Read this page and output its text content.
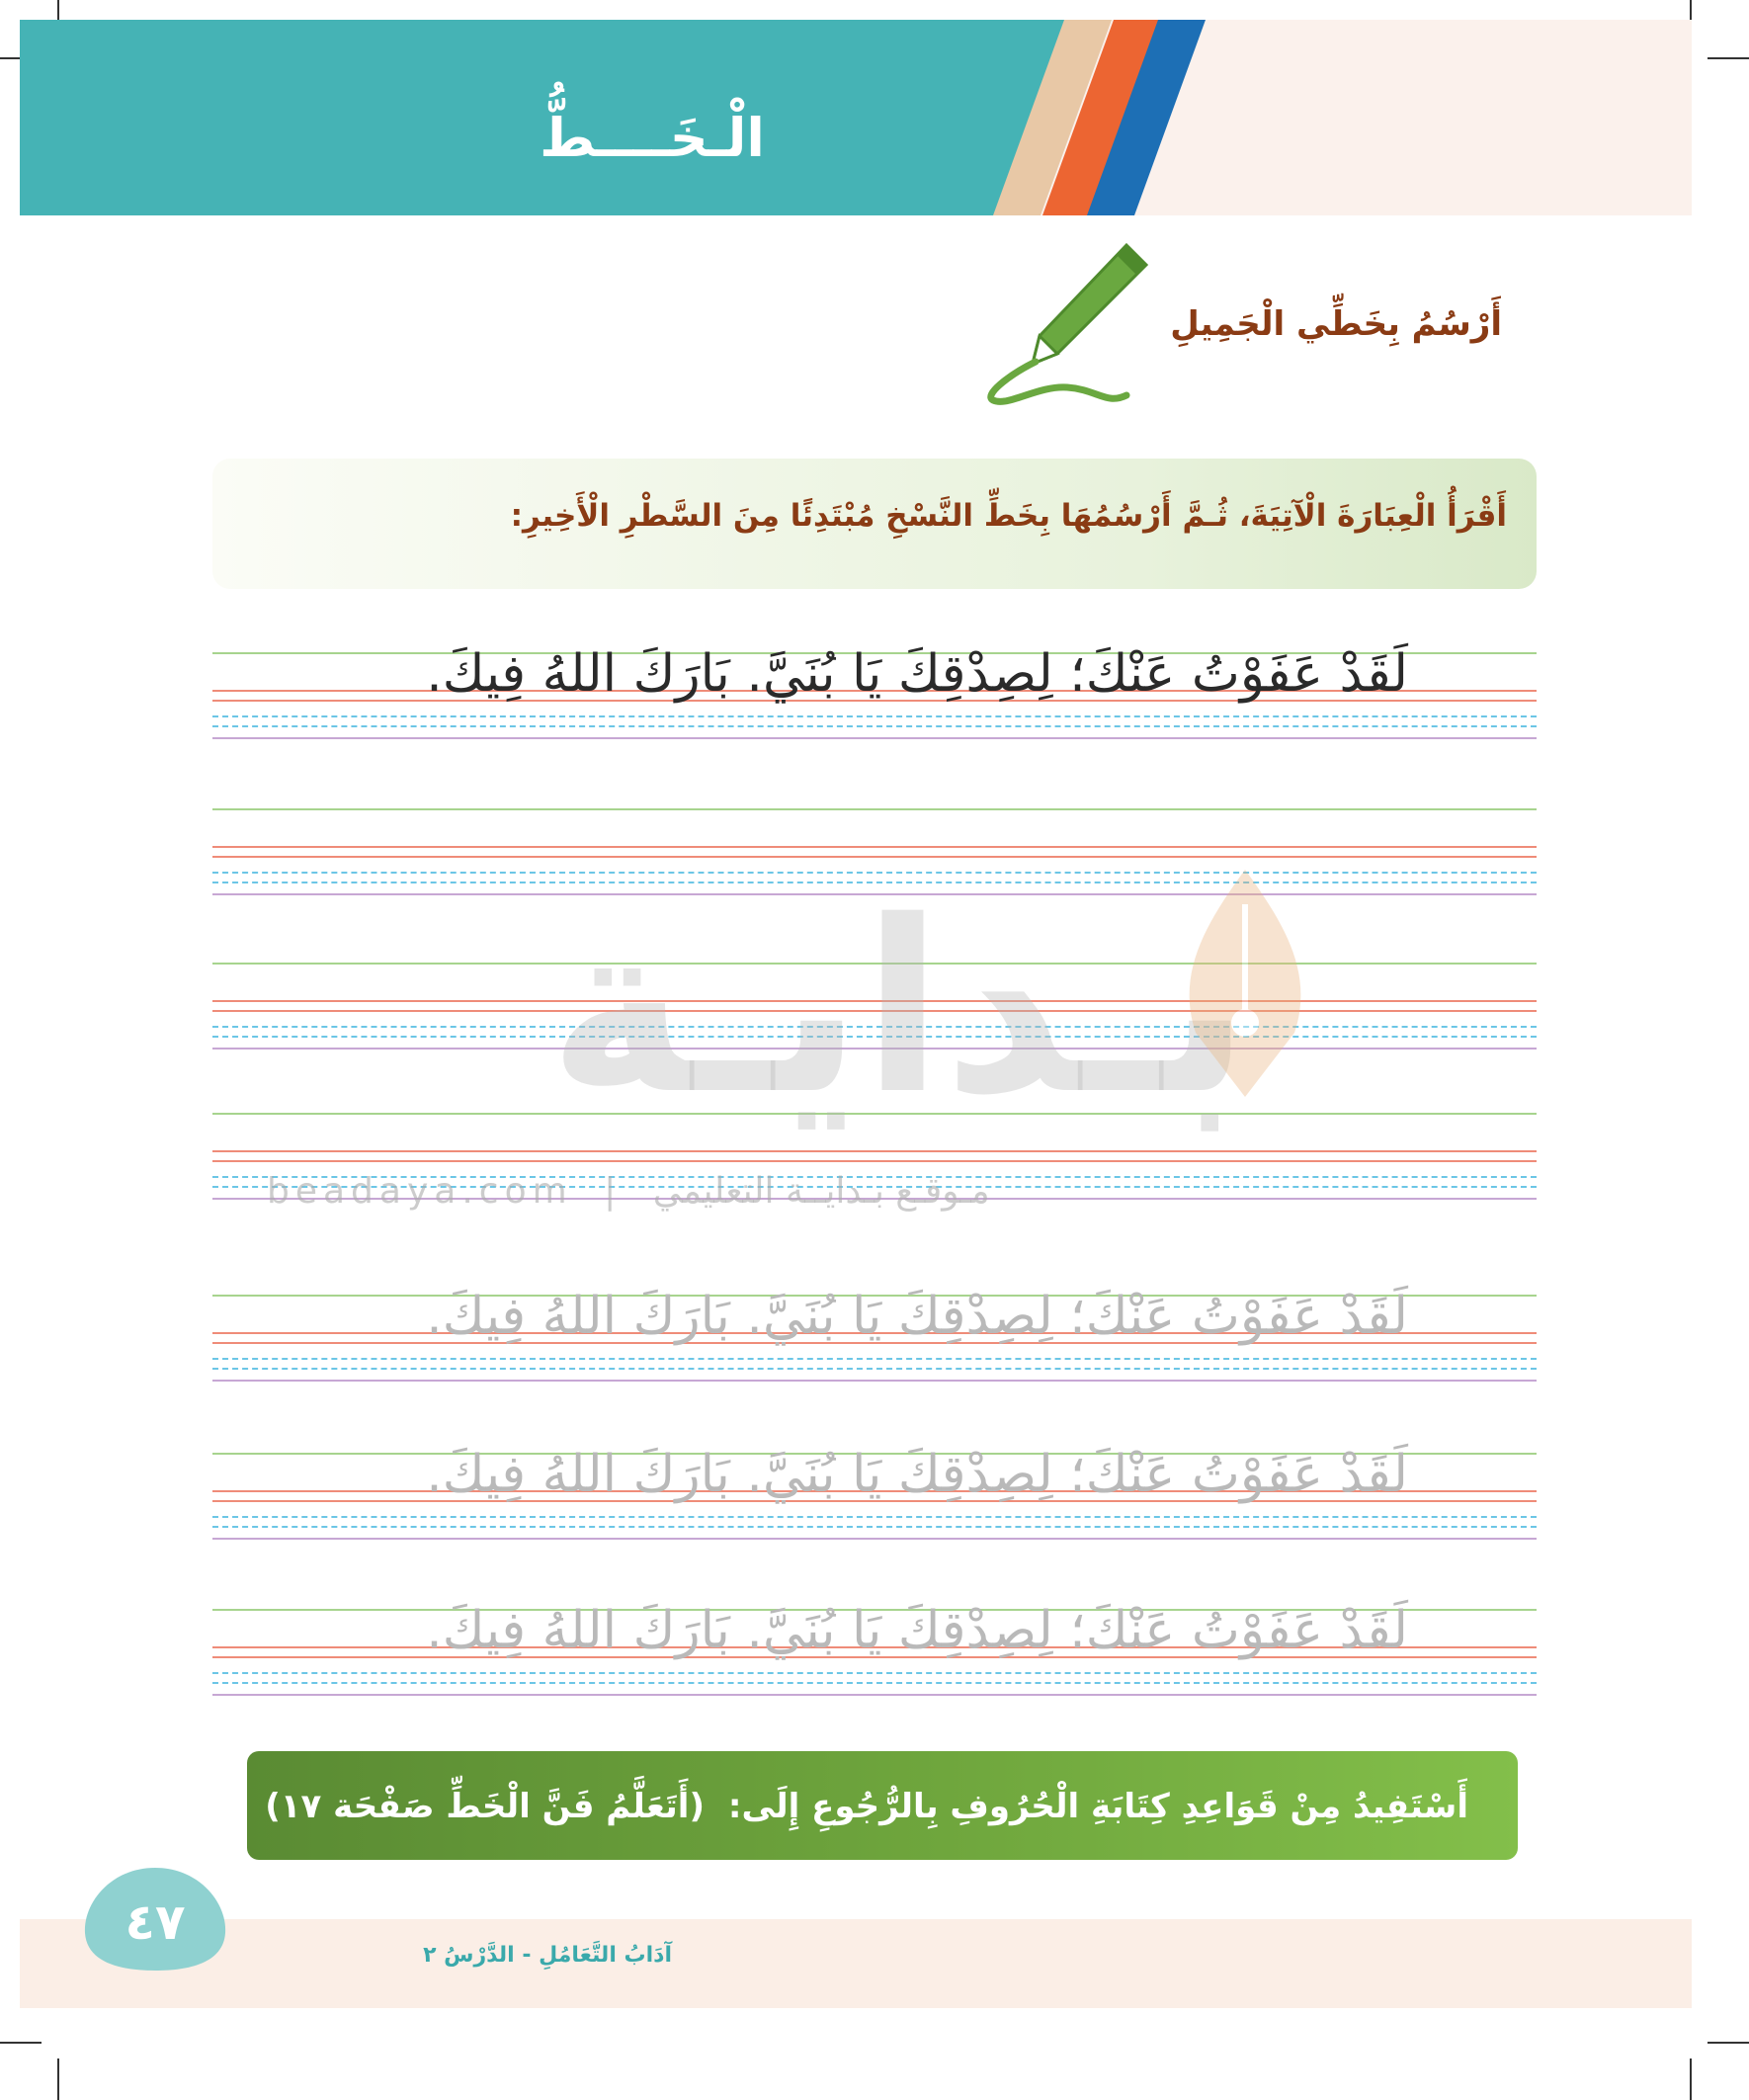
الْـخَــــطُّ
أَرْسُمُ بِخَطِّي الْجَمِيلِ
أَقْرَأُ الْعِبَارَةَ الْآتِيَةَ، ثُـمَّ أَرْسُمُهَا بِخَطِّ النَّسْخِ مُبْتَدِئًا مِنَ السَّطْرِ الْأَخِيرِ:
لَقَدْ عَفَوْتُ عَنْكَ؛ لِصِدْقِكَ يَا بُنَيَّ. بَارَكَ اللهُ فِيكَ.
لَقَدْ عَفَوْتُ عَنْكَ؛ لِصِدْقِكَ يَا بُنَيَّ. بَارَكَ اللهُ فِيكَ.
لَقَدْ عَفَوْتُ عَنْكَ؛ لِصِدْقِكَ يَا بُنَيَّ. بَارَكَ اللهُ فِيكَ.
لَقَدْ عَفَوْتُ عَنْكَ؛ لِصِدْقِكَ يَا بُنَيَّ. بَارَكَ اللهُ فِيكَ.
بـدايـة
beadaya.com | مـوقـع بـدايــة التعليمي
أَسْتَفِيدُ مِنْ قَوَاعِدِ كِتَابَةِ الْحُرُوفِ بِالرُّجُوعِ إِلَى: (أَتَعَلَّمُ فَنَّ الْخَطِّ صَفْحَة ١٧)
٤٧
آدَابُ التَّعَامُلِ - الدَّرْسُ ٢
